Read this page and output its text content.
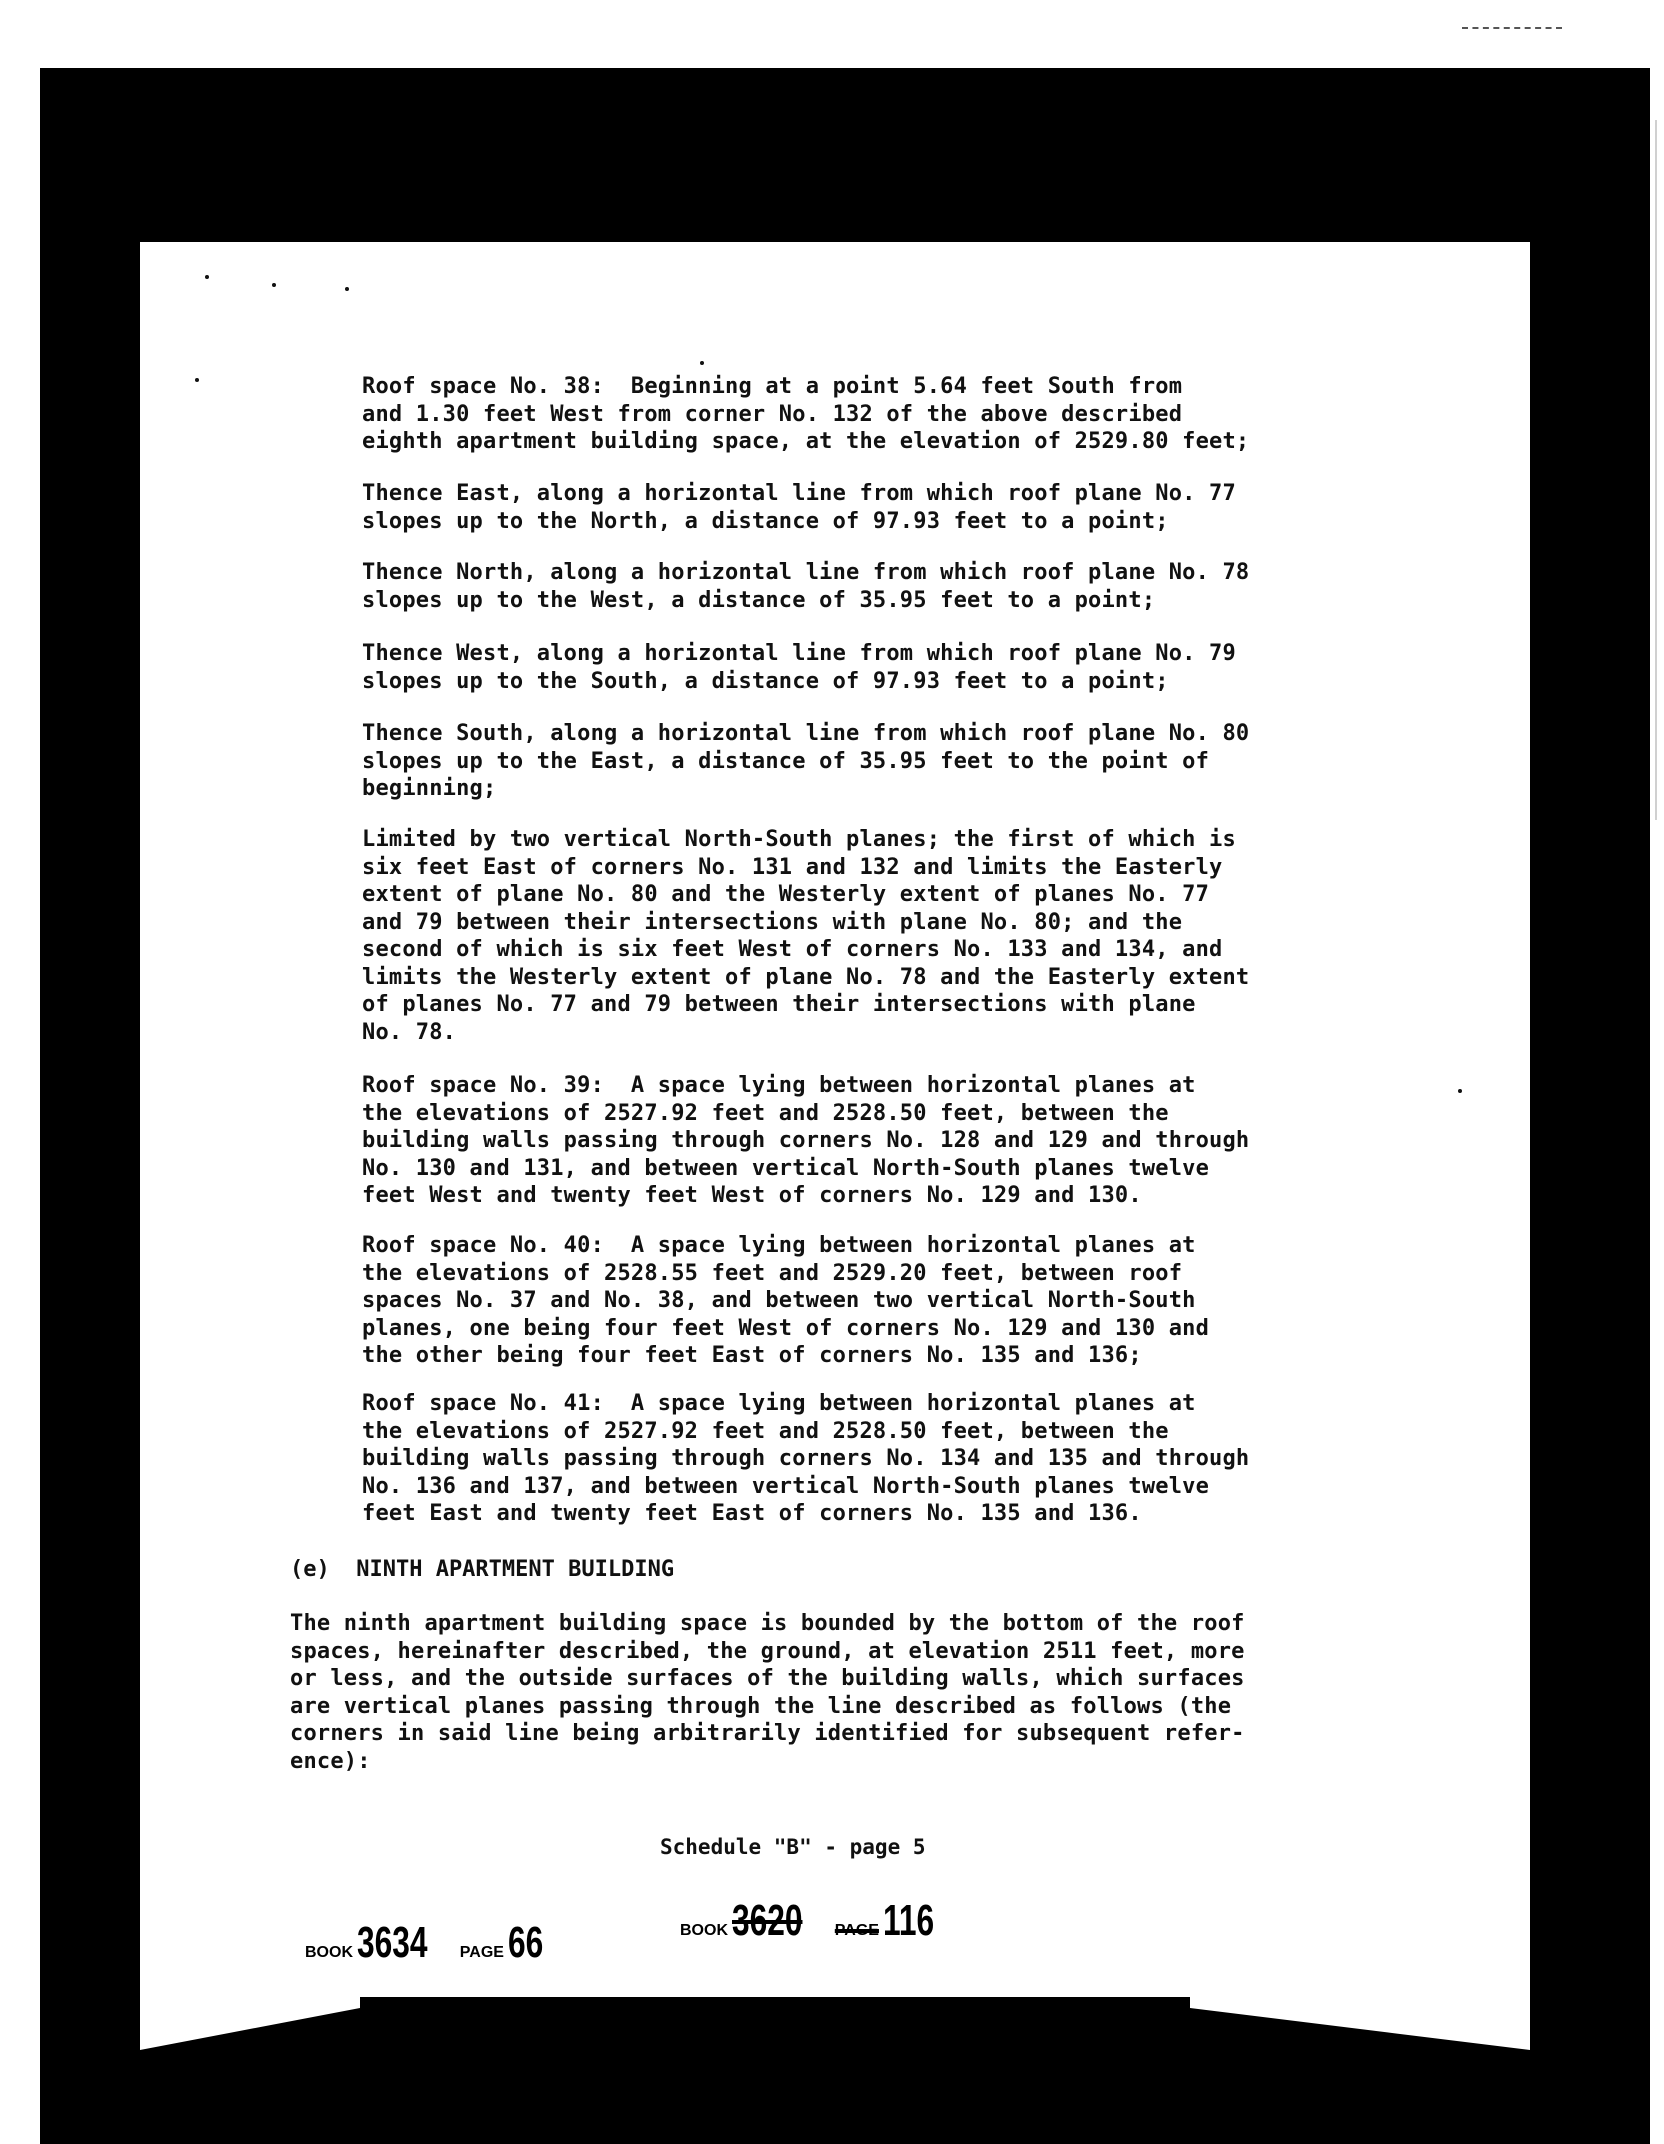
Roof space No. 38:  Beginning at a point 5.64 feet South from
and 1.30 feet West from corner No. 132 of the above described
eighth apartment building space, at the elevation of 2529.80 feet;

Thence East, along a horizontal line from which roof plane No. 77
slopes up to the North, a distance of 97.93 feet to a point;

Thence North, along a horizontal line from which roof plane No. 78
slopes up to the West, a distance of 35.95 feet to a point;

Thence West, along a horizontal line from which roof plane No. 79
slopes up to the South, a distance of 97.93 feet to a point;

Thence South, along a horizontal line from which roof plane No. 80
slopes up to the East, a distance of 35.95 feet to the point of
beginning;

Limited by two vertical North-South planes; the first of which is
six feet East of corners No. 131 and 132 and limits the Easterly
extent of plane No. 80 and the Westerly extent of planes No. 77
and 79 between their intersections with plane No. 80; and the
second of which is six feet West of corners No. 133 and 134, and
limits the Westerly extent of plane No. 78 and the Easterly extent
of planes No. 77 and 79 between their intersections with plane
No. 78.

Roof space No. 39:  A space lying between horizontal planes at
the elevations of 2527.92 feet and 2528.50 feet, between the
building walls passing through corners No. 128 and 129 and through
No. 130 and 131, and between vertical North-South planes twelve
feet West and twenty feet West of corners No. 129 and 130.

Roof space No. 40:  A space lying between horizontal planes at
the elevations of 2528.55 feet and 2529.20 feet, between roof
spaces No. 37 and No. 38, and between two vertical North-South
planes, one being four feet West of corners No. 129 and 130 and
the other being four feet East of corners No. 135 and 136;

Roof space No. 41:  A space lying between horizontal planes at
the elevations of 2527.92 feet and 2528.50 feet, between the
building walls passing through corners No. 134 and 135 and through
No. 136 and 137, and between vertical North-South planes twelve
feet East and twenty feet East of corners No. 135 and 136.

(e)  NINTH APARTMENT BUILDING

The ninth apartment building space is bounded by the bottom of the roof
spaces, hereinafter described, the ground, at elevation 2511 feet, more
or less, and the outside surfaces of the building walls, which surfaces
are vertical planes passing through the line described as follows (the
corners in said line being arbitrarily identified for subsequent refer-
ence):

Schedule "B" - page 5

BOOK 3634 PAGE 66	BOOK 3620 PAGE 116
